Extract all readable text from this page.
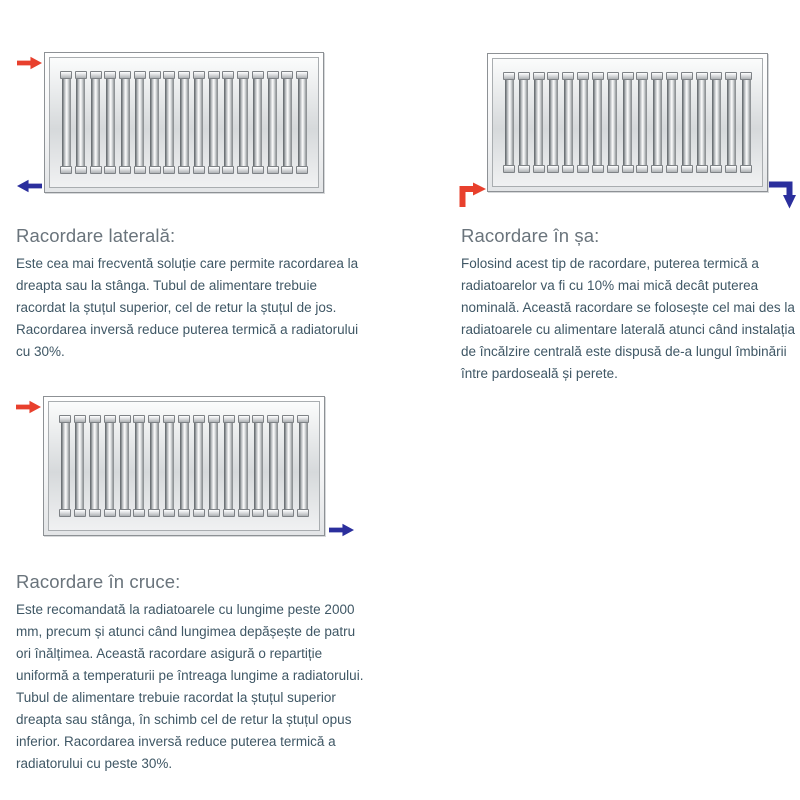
Racordare laterală:
Este cea mai frecventă soluție care permite racordarea la dreapta sau la stânga. Tubul de alimentare trebuie racordat la ștuțul superior, cel de retur la ștuțul de jos. Racordarea inversă reduce puterea termică a radiatorului cu 30%.
Racordare în șa:
Folosind acest tip de racordare, puterea termică a radiatoarelor va fi cu 10% mai mică decât puterea nominală. Această racordare se folosește cel mai des la radiatoarele cu alimentare laterală atunci când instalația de încălzire centrală este dispusă de-a lungul îmbinării între pardoseală și perete.
Racordare în cruce:
Este recomandată la radiatoarele cu lungime peste 2000 mm, precum și atunci când lungimea depășește de patru ori înălțimea. Această racordare asigură o repartiție uniformă a temperaturii pe întreaga lungime a radiatorului. Tubul de alimentare trebuie racordat la ștuțul superior dreapta sau stânga, în schimb cel de retur la ștuțul opus inferior. Racordarea inversă reduce puterea termică a radiatorului cu peste 30%.
